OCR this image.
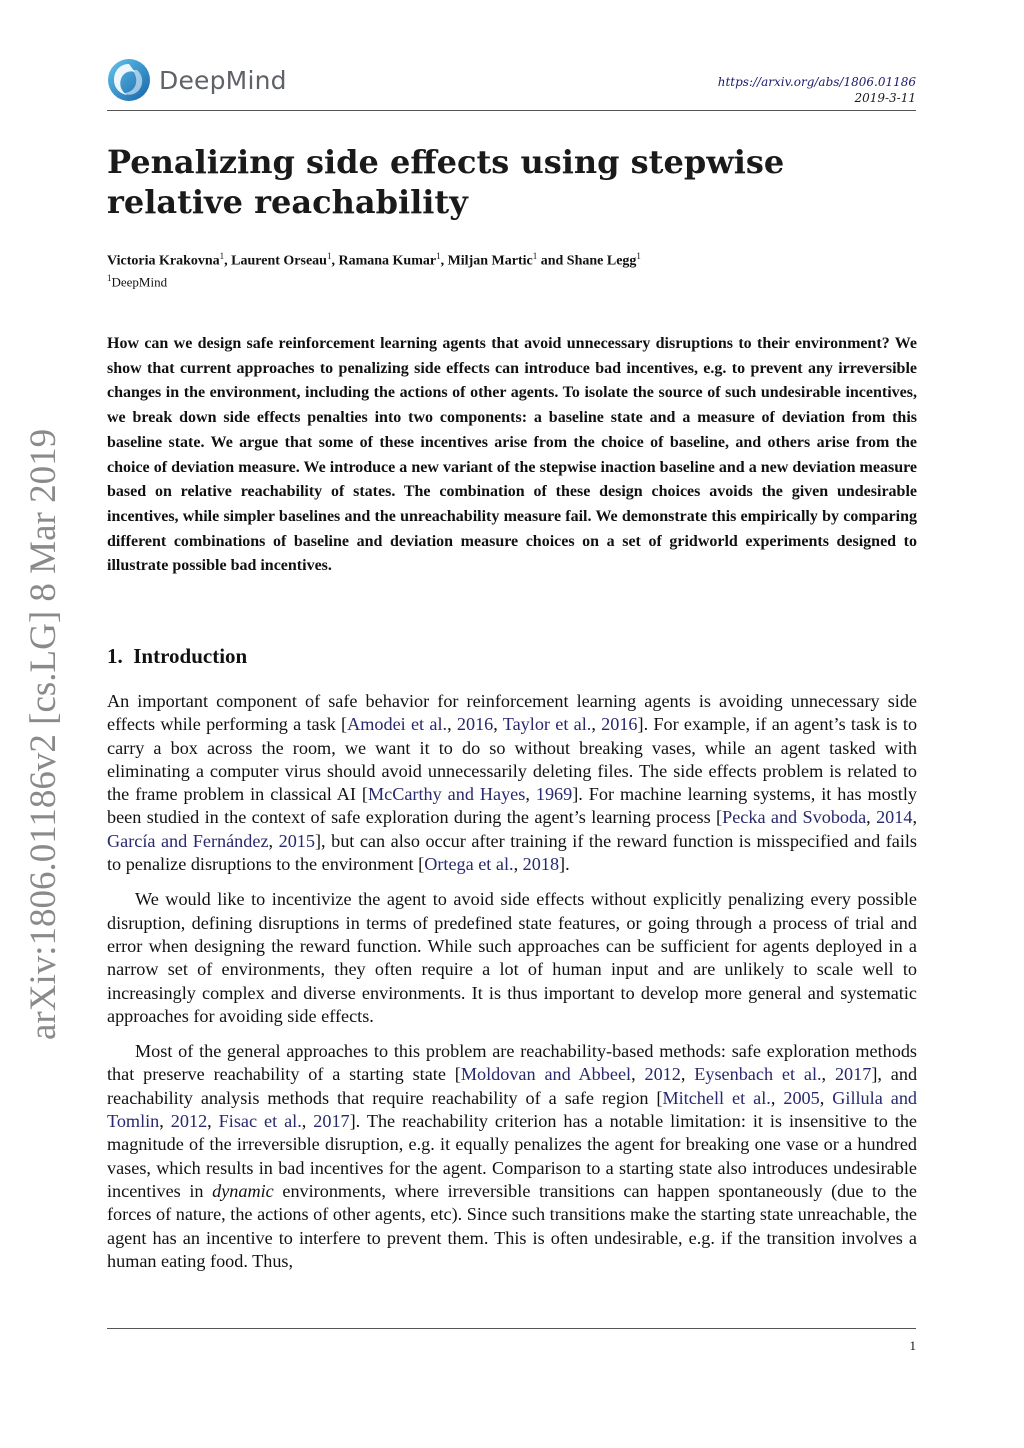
DeepMind	https://arxiv.org/abs/1806.01186
2019-3-11
Penalizing side effects using stepwise relative reachability
Victoria Krakovna$^1$, Laurent Orseau$^1$, Ramana Kumar$^1$, Miljan Martic$^1$ and Shane Legg$^1$
$^1$DeepMind

How can we design safe reinforcement learning agents that avoid unnecessary disruptions to their environment? We show that current approaches to penalizing side effects can introduce bad incentives, e.g. to prevent any irreversible changes in the environment, including the actions of other agents. To isolate the source of such undesirable incentives, we break down side effects penalties into two components: a baseline state and a measure of deviation from this baseline state. We argue that some of these incentives arise from the choice of baseline, and others arise from the choice of deviation measure. We introduce a new variant of the stepwise inaction baseline and a new deviation measure based on relative reachability of states. The combination of these design choices avoids the given undesirable incentives, while simpler baselines and the unreachability measure fail. We demonstrate this empirically by comparing different combinations of baseline and deviation measure choices on a set of gridworld experiments designed to illustrate possible bad incentives.

1. Introduction

An important component of safe behavior for reinforcement learning agents is avoiding unnecessary side effects while performing a task [Amodei et al., 2016, Taylor et al., 2016]. For example, if an agent’s task is to carry a box across the room, we want it to do so without breaking vases, while an agent tasked with eliminating a computer virus should avoid unnecessarily deleting files. The side effects problem is related to the frame problem in classical AI [McCarthy and Hayes, 1969]. For machine learning systems, it has mostly been studied in the context of safe exploration during the agent’s learning process [Pecka and Svoboda, 2014, García and Fernández, 2015], but can also occur after training if the reward function is misspecified and fails to penalize disruptions to the environment [Ortega et al., 2018].

We would like to incentivize the agent to avoid side effects without explicitly penalizing every possible disruption, defining disruptions in terms of predefined state features, or going through a process of trial and error when designing the reward function. While such approaches can be sufficient for agents deployed in a narrow set of environments, they often require a lot of human input and are unlikely to scale well to increasingly complex and diverse environments. It is thus important to develop more general and systematic approaches for avoiding side effects.

Most of the general approaches to this problem are reachability-based methods: safe exploration methods that preserve reachability of a starting state [Moldovan and Abbeel, 2012, Eysenbach et al., 2017], and reachability analysis methods that require reachability of a safe region [Mitchell et al., 2005, Gillula and Tomlin, 2012, Fisac et al., 2017]. The reachability criterion has a notable limitation: it is insensitive to the magnitude of the irreversible disruption, e.g. it equally penalizes the agent for breaking one vase or a hundred vases, which results in bad incentives for the agent. Comparison to a starting state also introduces undesirable incentives in dynamic environments, where irreversible transitions can happen spontaneously (due to the forces of nature, the actions of other agents, etc). Since such transitions make the starting state unreachable, the agent has an incentive to interfere to prevent them. This is often undesirable, e.g. if the transition involves a human eating food. Thus,

1
arXiv:1806.01186v2 [cs.LG] 8 Mar 2019
